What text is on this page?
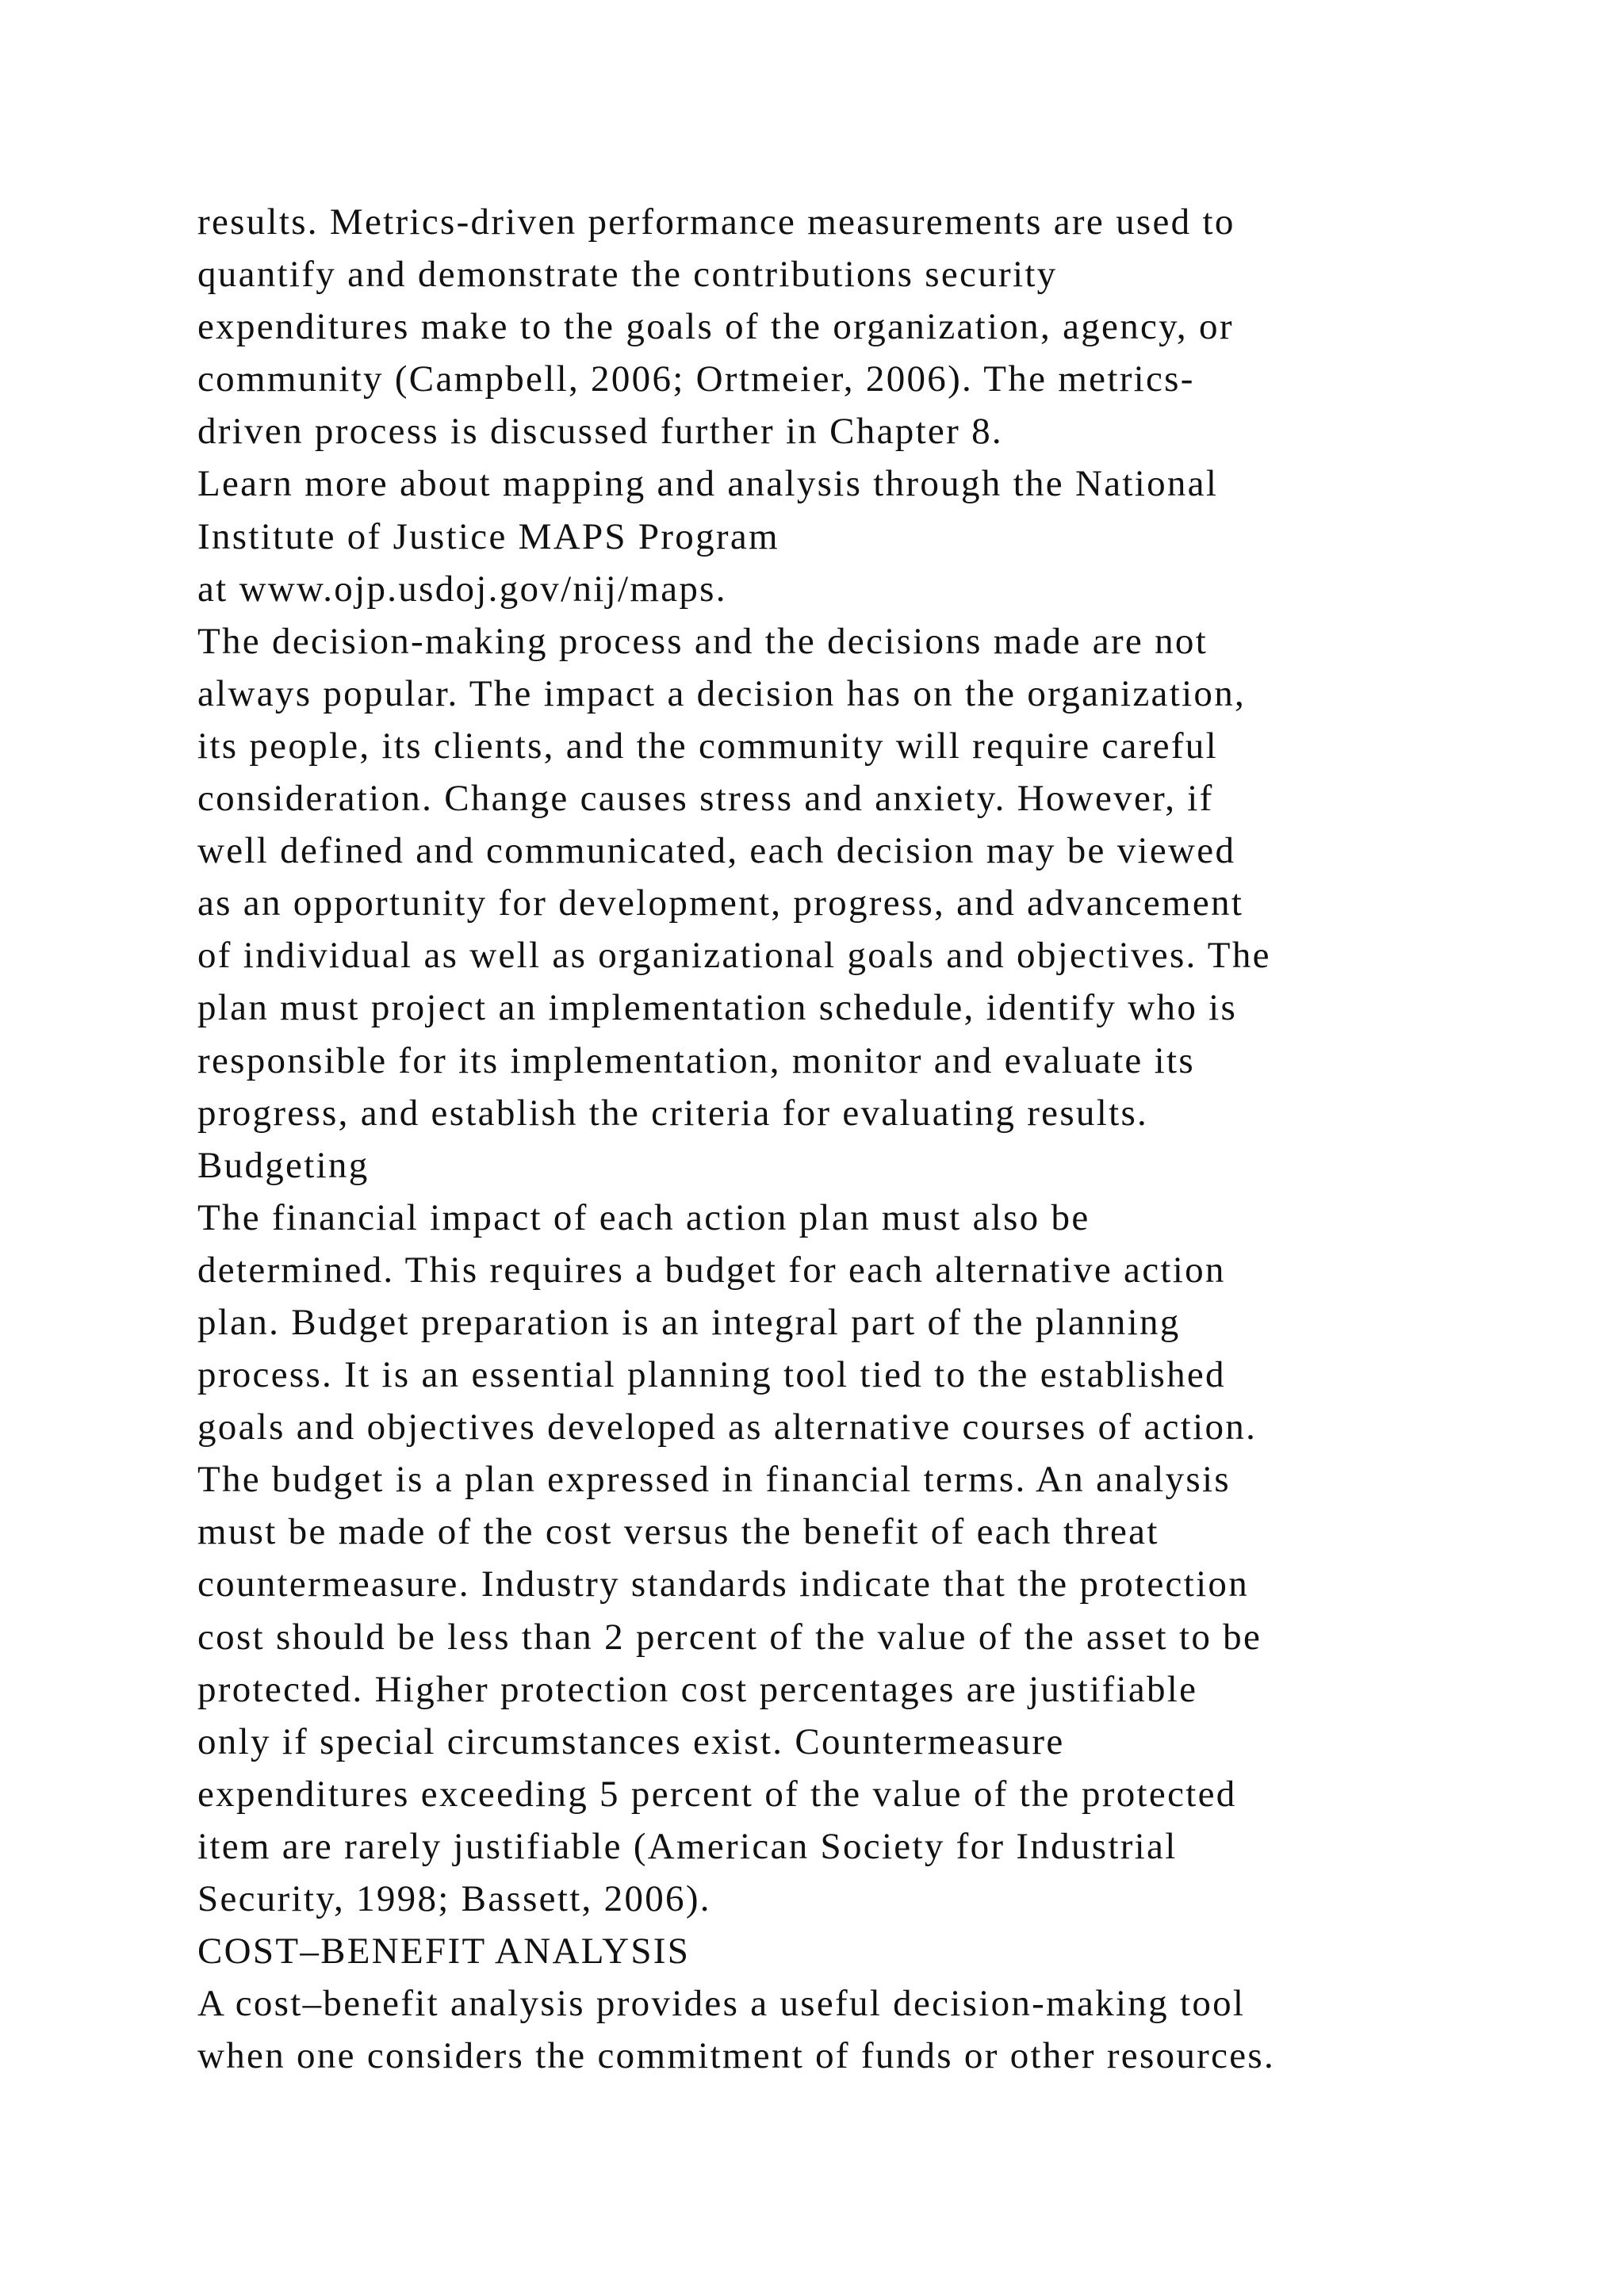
results. Metrics-driven performance measurements are used to
quantify and demonstrate the contributions security
expenditures make to the goals of the organization, agency, or
community (Campbell, 2006; Ortmeier, 2006). The metrics-
driven process is discussed further in Chapter 8.
Learn more about mapping and analysis through the National
Institute of Justice MAPS Program
at www.ojp.usdoj.gov/nij/maps.
The decision-making process and the decisions made are not
always popular. The impact a decision has on the organization,
its people, its clients, and the community will require careful
consideration. Change causes stress and anxiety. However, if
well defined and communicated, each decision may be viewed
as an opportunity for development, progress, and advancement
of individual as well as organizational goals and objectives. The
plan must project an implementation schedule, identify who is
responsible for its implementation, monitor and evaluate its
progress, and establish the criteria for evaluating results.
Budgeting
The financial impact of each action plan must also be
determined. This requires a budget for each alternative action
plan. Budget preparation is an integral part of the planning
process. It is an essential planning tool tied to the established
goals and objectives developed as alternative courses of action.
The budget is a plan expressed in financial terms. An analysis
must be made of the cost versus the benefit of each threat
countermeasure. Industry standards indicate that the protection
cost should be less than 2 percent of the value of the asset to be
protected. Higher protection cost percentages are justifiable
only if special circumstances exist. Countermeasure
expenditures exceeding 5 percent of the value of the protected
item are rarely justifiable (American Society for Industrial
Security, 1998; Bassett, 2006).
COST–BENEFIT ANALYSIS
A cost–benefit analysis provides a useful decision-making tool
when one considers the commitment of funds or other resources.
